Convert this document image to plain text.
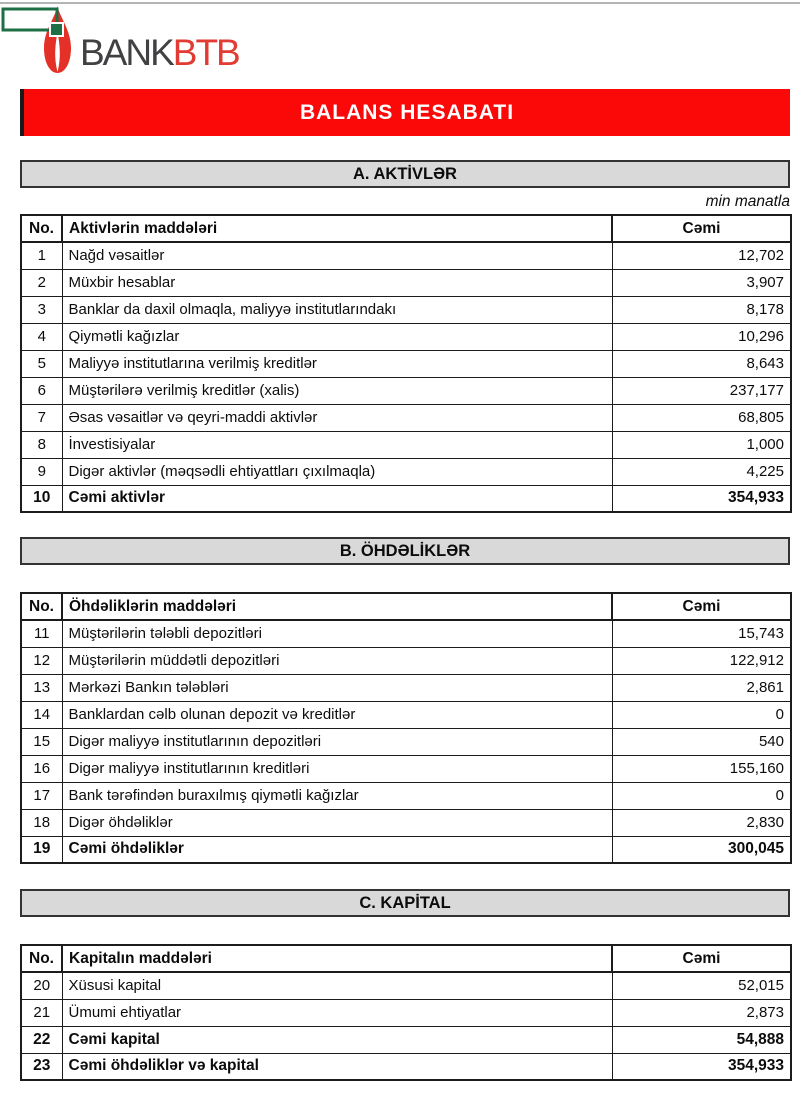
BANKBTB
BALANS HESABATI
A. AKTİVLƏR
min manatla
No.	Aktivlərin maddələri	Cəmi
1	Nağd vəsaitlər	12,702
2	Müxbir hesablar	3,907
3	Banklar da daxil olmaqla, maliyyə institutlarındakı	8,178
4	Qiymətli kağızlar	10,296
5	Maliyyə institutlarına verilmiş kreditlər	8,643
6	Müştərilərə verilmiş kreditlər (xalis)	237,177
7	Əsas vəsaitlər və qeyri-maddi aktivlər	68,805
8	İnvestisiyalar	1,000
9	Digər aktivlər (məqsədli ehtiyattları çıxılmaqla)	4,225
10	Cəmi aktivlər	354,933
B. ÖHDƏLİKLƏR
No.	Öhdəliklərin maddələri	Cəmi
11	Müştərilərin tələbli depozitləri	15,743
12	Müştərilərin müddətli depozitləri	122,912
13	Mərkəzi Bankın tələbləri	2,861
14	Banklardan cəlb olunan depozit və kreditlər	0
15	Digər maliyyə institutlarının depozitləri	540
16	Digər maliyyə institutlarının kreditləri	155,160
17	Bank tərəfindən buraxılmış qiymətli kağızlar	0
18	Digər öhdəliklər	2,830
19	Cəmi öhdəliklər	300,045
C. KAPİTAL
No.	Kapitalın maddələri	Cəmi
20	Xüsusi kapital	52,015
21	Ümumi ehtiyatlar	2,873
22	Cəmi kapital	54,888
23	Cəmi öhdəliklər və kapital	354,933
